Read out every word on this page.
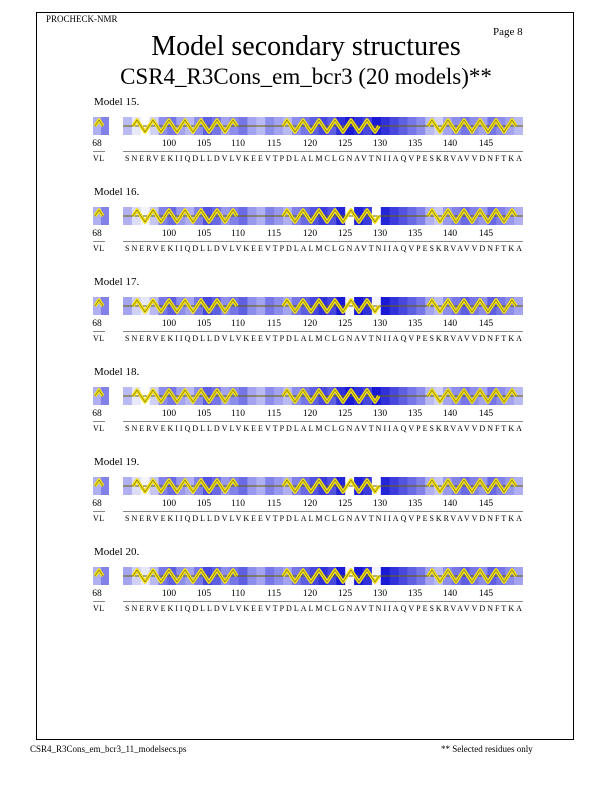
PROCHECK-NMR
Page 8
Model secondary structures
CSR4_R3Cons_em_bcr3 (20 models)**
Model 15.
68	100 105 110 115 120 125 130 135 140 145
VL	SNERVEKIIQDLLDVLVKEEVTPDLALMCLGNAVTNIIAQVPESKRVAVVDNFTKA
Model 16.
68	100 105 110 115 120 125 130 135 140 145
VL	SNERVEKIIQDLLDVLVKEEVTPDLALMCLGNAVTNIIAQVPESKRVAVVDNFTKA
Model 17.
68	100 105 110 115 120 125 130 135 140 145
VL	SNERVEKIIQDLLDVLVKEEVTPDLALMCLGNAVTNIIAQVPESKRVAVVDNFTKA
Model 18.
68	100 105 110 115 120 125 130 135 140 145
VL	SNERVEKIIQDLLDVLVKEEVTPDLALMCLGNAVTNIIAQVPESKRVAVVDNFTKA
Model 19.
68	100 105 110 115 120 125 130 135 140 145
VL	SNERVEKIIQDLLDVLVKEEVTPDLALMCLGNAVTNIIAQVPESKRVAVVDNFTKA
Model 20.
68	100 105 110 115 120 125 130 135 140 145
VL	SNERVEKIIQDLLDVLVKEEVTPDLALMCLGNAVTNIIAQVPESKRVAVVDNFTKA
CSR4_R3Cons_em_bcr3_11_modelsecs.ps	** Selected residues only
